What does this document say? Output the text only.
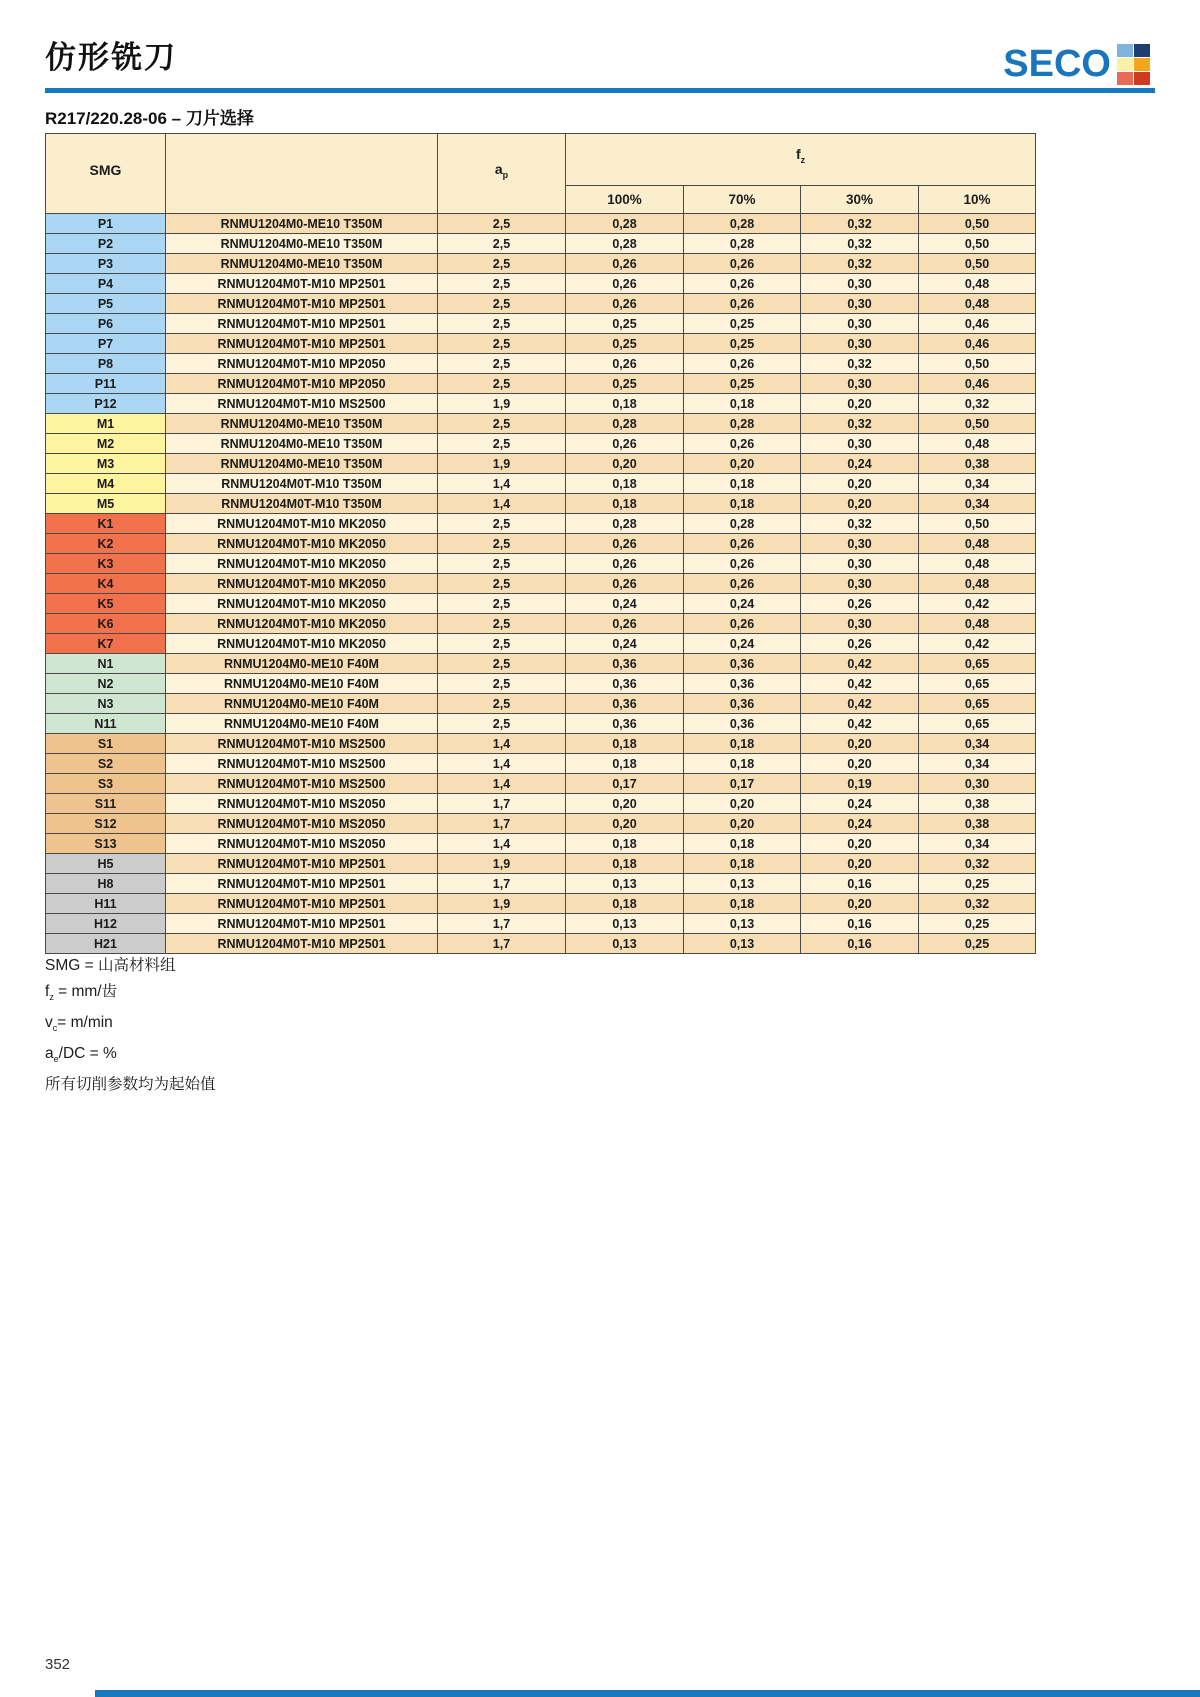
仿形铣刀	SECO
R217/220.28-06 – 刀片选择
SMG		$a_p$	$f_z$
			100%	70%	30%	10%
P1	RNMU1204M0-ME10 T350M	2,5	0,28	0,28	0,32	0,50
P2	RNMU1204M0-ME10 T350M	2,5	0,28	0,28	0,32	0,50
P3	RNMU1204M0-ME10 T350M	2,5	0,26	0,26	0,32	0,50
P4	RNMU1204M0T-M10 MP2501	2,5	0,26	0,26	0,30	0,48
P5	RNMU1204M0T-M10 MP2501	2,5	0,26	0,26	0,30	0,48
P6	RNMU1204M0T-M10 MP2501	2,5	0,25	0,25	0,30	0,46
P7	RNMU1204M0T-M10 MP2501	2,5	0,25	0,25	0,30	0,46
P8	RNMU1204M0T-M10 MP2050	2,5	0,26	0,26	0,32	0,50
P11	RNMU1204M0T-M10 MP2050	2,5	0,25	0,25	0,30	0,46
P12	RNMU1204M0T-M10 MS2500	1,9	0,18	0,18	0,20	0,32
M1	RNMU1204M0-ME10 T350M	2,5	0,28	0,28	0,32	0,50
M2	RNMU1204M0-ME10 T350M	2,5	0,26	0,26	0,30	0,48
M3	RNMU1204M0-ME10 T350M	1,9	0,20	0,20	0,24	0,38
M4	RNMU1204M0T-M10 T350M	1,4	0,18	0,18	0,20	0,34
M5	RNMU1204M0T-M10 T350M	1,4	0,18	0,18	0,20	0,34
K1	RNMU1204M0T-M10 MK2050	2,5	0,28	0,28	0,32	0,50
K2	RNMU1204M0T-M10 MK2050	2,5	0,26	0,26	0,30	0,48
K3	RNMU1204M0T-M10 MK2050	2,5	0,26	0,26	0,30	0,48
K4	RNMU1204M0T-M10 MK2050	2,5	0,26	0,26	0,30	0,48
K5	RNMU1204M0T-M10 MK2050	2,5	0,24	0,24	0,26	0,42
K6	RNMU1204M0T-M10 MK2050	2,5	0,26	0,26	0,30	0,48
K7	RNMU1204M0T-M10 MK2050	2,5	0,24	0,24	0,26	0,42
N1	RNMU1204M0-ME10 F40M	2,5	0,36	0,36	0,42	0,65
N2	RNMU1204M0-ME10 F40M	2,5	0,36	0,36	0,42	0,65
N3	RNMU1204M0-ME10 F40M	2,5	0,36	0,36	0,42	0,65
N11	RNMU1204M0-ME10 F40M	2,5	0,36	0,36	0,42	0,65
S1	RNMU1204M0T-M10 MS2500	1,4	0,18	0,18	0,20	0,34
S2	RNMU1204M0T-M10 MS2500	1,4	0,18	0,18	0,20	0,34
S3	RNMU1204M0T-M10 MS2500	1,4	0,17	0,17	0,19	0,30
S11	RNMU1204M0T-M10 MS2050	1,7	0,20	0,20	0,24	0,38
S12	RNMU1204M0T-M10 MS2050	1,7	0,20	0,20	0,24	0,38
S13	RNMU1204M0T-M10 MS2050	1,4	0,18	0,18	0,20	0,34
H5	RNMU1204M0T-M10 MP2501	1,9	0,18	0,18	0,20	0,32
H8	RNMU1204M0T-M10 MP2501	1,7	0,13	0,13	0,16	0,25
H11	RNMU1204M0T-M10 MP2501	1,9	0,18	0,18	0,20	0,32
H12	RNMU1204M0T-M10 MP2501	1,7	0,13	0,13	0,16	0,25
H21	RNMU1204M0T-M10 MP2501	1,7	0,13	0,13	0,16	0,25
SMG = 山高材料组
$f_z = mm/$齿
$v_c= m/\min$
$a_e/DC$ = %
所有切削参数均为起始值
352
